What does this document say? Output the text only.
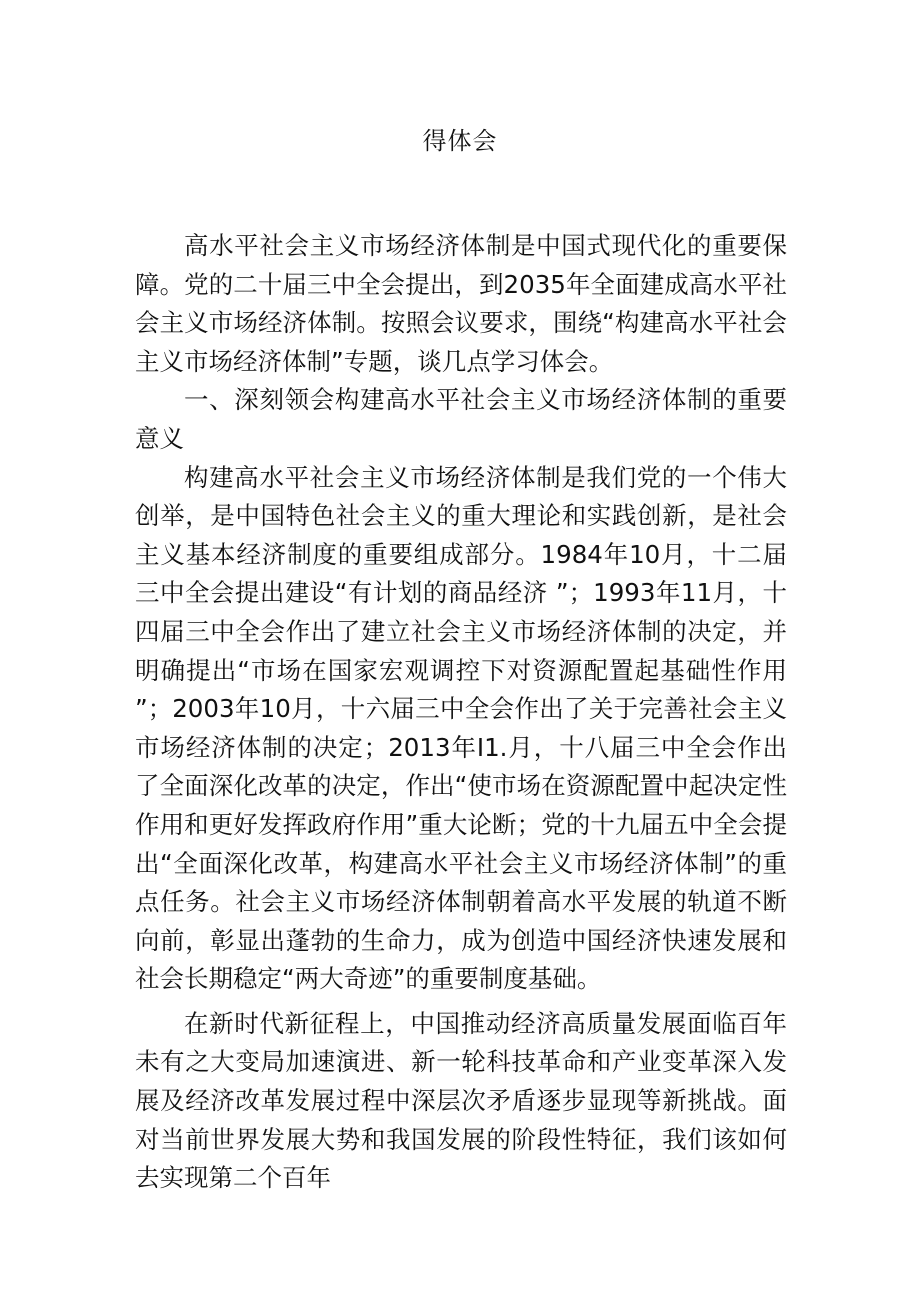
得体会

高水平社会主义市场经济体制是中国式现代化的重要保障。党的二十届三中全会提出，到2035年全面建成高水平社会主义市场经济体制。按照会议要求，围绕“构建高水平社会主义市场经济体制”专题，谈几点学习体会。

一、深刻领会构建高水平社会主义市场经济体制的重要意义

构建高水平社会主义市场经济体制是我们党的一个伟大创举，是中国特色社会主义的重大理论和实践创新，是社会主义基本经济制度的重要组成部分。1984年10月，十二届三中全会提出建设“有计划的商品经济 ”；1993年11月，十四届三中全会作出了建立社会主义市场经济体制的决定，并明确提出“市场在国家宏观调控下对资源配置起基础性作用 ”；2003年10月，十六届三中全会作出了关于完善社会主义市场经济体制的决定；2013年I1.月，十八届三中全会作出了全面深化改革的决定，作出“使市场在资源配置中起决定性作用和更好发挥政府作用”重大论断；党的十九届五中全会提出“全面深化改革，构建高水平社会主义市场经济体制”的重点任务。社会主义市场经济体制朝着高水平发展的轨道不断向前，彰显出蓬勃的生命力，成为创造中国经济快速发展和社会长期稳定“两大奇迹”的重要制度基础。

在新时代新征程上，中国推动经济高质量发展面临百年未有之大变局加速演进、新一轮科技革命和产业变革深入发展及经济改革发展过程中深层次矛盾逐步显现等新挑战。面对当前世界发展大势和我国发展的阶段性特征，我们该如何去实现第二个百年
